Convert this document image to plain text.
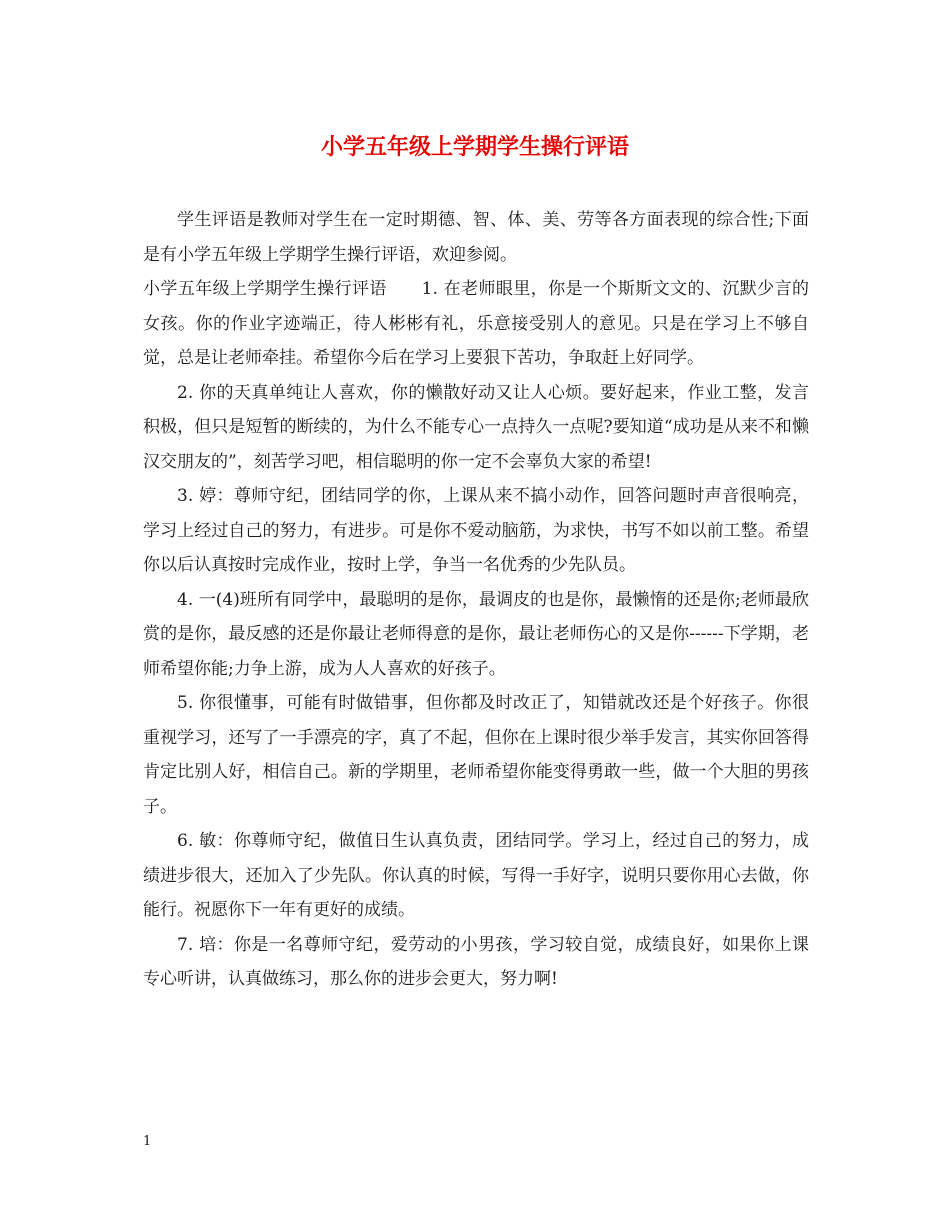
小学五年级上学期学生操行评语

学生评语是教师对学生在一定时期德、智、体、美、劳等各方面表现的综合性;下面是有小学五年级上学期学生操行评语，欢迎参阅。

小学五年级上学期学生操行评语　　1. 在老师眼里，你是一个斯斯文文的、沉默少言的女孩。你的作业字迹端正，待人彬彬有礼，乐意接受别人的意见。只是在学习上不够自觉，总是让老师牵挂。希望你今后在学习上要狠下苦功，争取赶上好同学。

2. 你的天真单纯让人喜欢，你的懒散好动又让人心烦。要好起来，作业工整，发言积极，但只是短暂的断续的，为什么不能专心一点持久一点呢?要知道“成功是从来不和懒汉交朋友的”，刻苦学习吧，相信聪明的你一定不会辜负大家的希望!

3. 婷：尊师守纪，团结同学的你，上课从来不搞小动作，回答问题时声音很响亮，学习上经过自己的努力，有进步。可是你不爱动脑筋，为求快，书写不如以前工整。希望你以后认真按时完成作业，按时上学，争当一名优秀的少先队员。

4. 一(4)班所有同学中，最聪明的是你，最调皮的也是你，最懒惰的还是你;老师最欣赏的是你，最反感的还是你最让老师得意的是你，最让老师伤心的又是你------下学期，老师希望你能;力争上游，成为人人喜欢的好孩子。

5. 你很懂事，可能有时做错事，但你都及时改正了，知错就改还是个好孩子。你很重视学习，还写了一手漂亮的字，真了不起，但你在上课时很少举手发言，其实你回答得肯定比别人好，相信自己。新的学期里，老师希望你能变得勇敢一些，做一个大胆的男孩子。

6. 敏：你尊师守纪，做值日生认真负责，团结同学。学习上，经过自己的努力，成绩进步很大，还加入了少先队。你认真的时候，写得一手好字，说明只要你用心去做，你能行。祝愿你下一年有更好的成绩。

7. 培：你是一名尊师守纪，爱劳动的小男孩，学习较自觉，成绩良好，如果你上课专心听讲，认真做练习，那么你的进步会更大，努力啊!

1
